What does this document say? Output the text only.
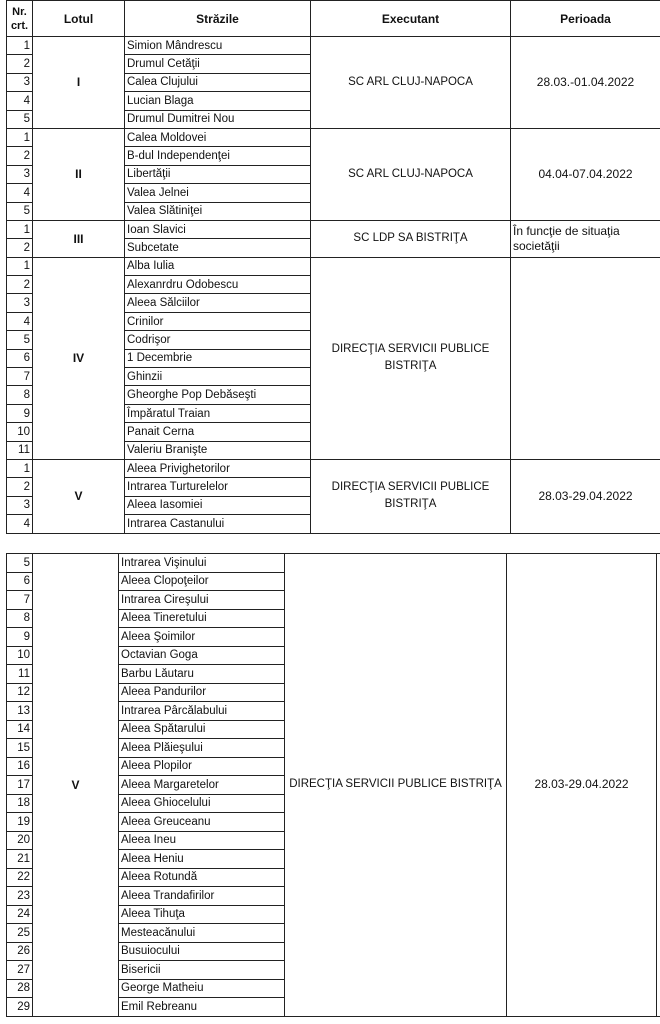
Nr. crt.	Lotul	Străzile	Executant	Perioada	
1	I	Simion Mândrescu	SC ARL CLUJ-NAPOCA	28.03.-01.04.2022	
2		Drumul Cetăţii			
3		Calea Clujului			
4		Lucian Blaga			
5		Drumul Dumitrei Nou			
1	II	Calea Moldovei	SC ARL CLUJ-NAPOCA	04.04-07.04.2022	
2		B-dul Independenţei			
3		Libertăţii			
4		Valea Jelnei			
5		Valea Slătiniţei			
1	III	Ioan Slavici	SC LDP SA BISTRIŢA	În funcţie de situaţia societăţii	
2		Subcetate			
1	IV	Alba Iulia	DIRECŢIA SERVICII PUBLICE BISTRIŢA		
2		Alexanrdru Odobescu			
3		Aleea Sălciilor			
4		Crinilor			
5		Codrişor			
6		1 Decembrie			
7		Ghinzii			
8		Gheorghe Pop Debăseşti			
9		Împăratul Traian			
10		Panait Cerna			
11		Valeriu Branişte			
1	V	Aleea Privighetorilor	DIRECŢIA SERVICII PUBLICE BISTRIŢA	28.03-29.04.2022	
2		Intrarea Turturelelor			
3		Aleea Iasomiei			
4		Intrarea Castanului			
5	V	Intrarea Vişinului	DIRECŢIA SERVICII PUBLICE BISTRIŢA	28.03-29.04.2022	
6		Aleea Clopoţeilor			
7		Intrarea Cireşului			
8		Aleea Tineretului			
9		Aleea Şoimilor			
10		Octavian Goga			
11		Barbu Lăutaru			
12		Aleea Pandurilor			
13		Intrarea Pârcălabului			
14		Aleea Spătarului			
15		Aleea Plăieşului			
16		Aleea Plopilor			
17		Aleea Margaretelor			
18		Aleea Ghiocelului			
19		Aleea Greuceanu			
20		Aleea Ineu			
21		Aleea Heniu			
22		Aleea Rotundă			
23		Aleea Trandafirilor			
24		Aleea Tihuţa			
25		Mesteacănului			
26		Busuiocului			
27		Bisericii			
28		George Matheiu			
29		Emil Rebreanu			
